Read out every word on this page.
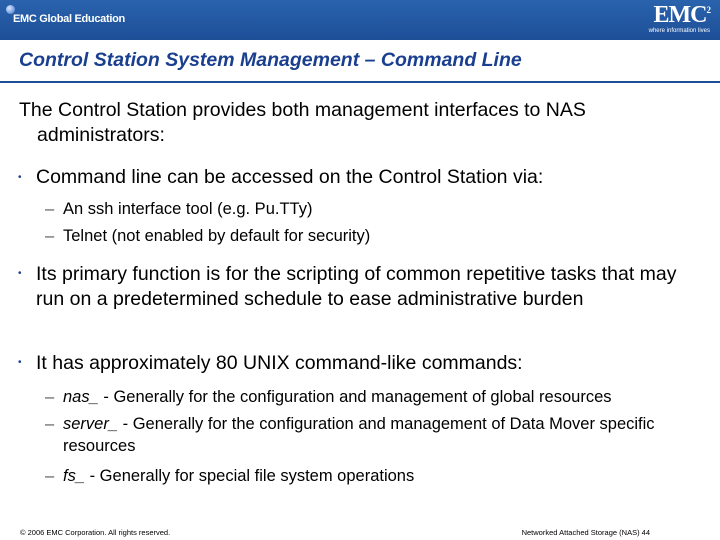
EMC Global Education	EMC$^2$
where information lives
Control Station System Management – Command Line
The Control Station provides both management interfaces to NAS administrators:
• Command line can be accessed on the Control Station via:
– An ssh interface tool (e.g. Pu.TTy)
– Telnet (not enabled by default for security)
• Its primary function is for the scripting of common repetitive tasks that may run on a predetermined schedule to ease administrative burden
• It has approximately 80 UNIX command-like commands:
– nas_ - Generally for the configuration and management of global resources
– server_ - Generally for the configuration and management of Data Mover specific resources
– fs_ - Generally for special file system operations
© 2006 EMC Corporation. All rights reserved.	Networked Attached Storage (NAS) 44
